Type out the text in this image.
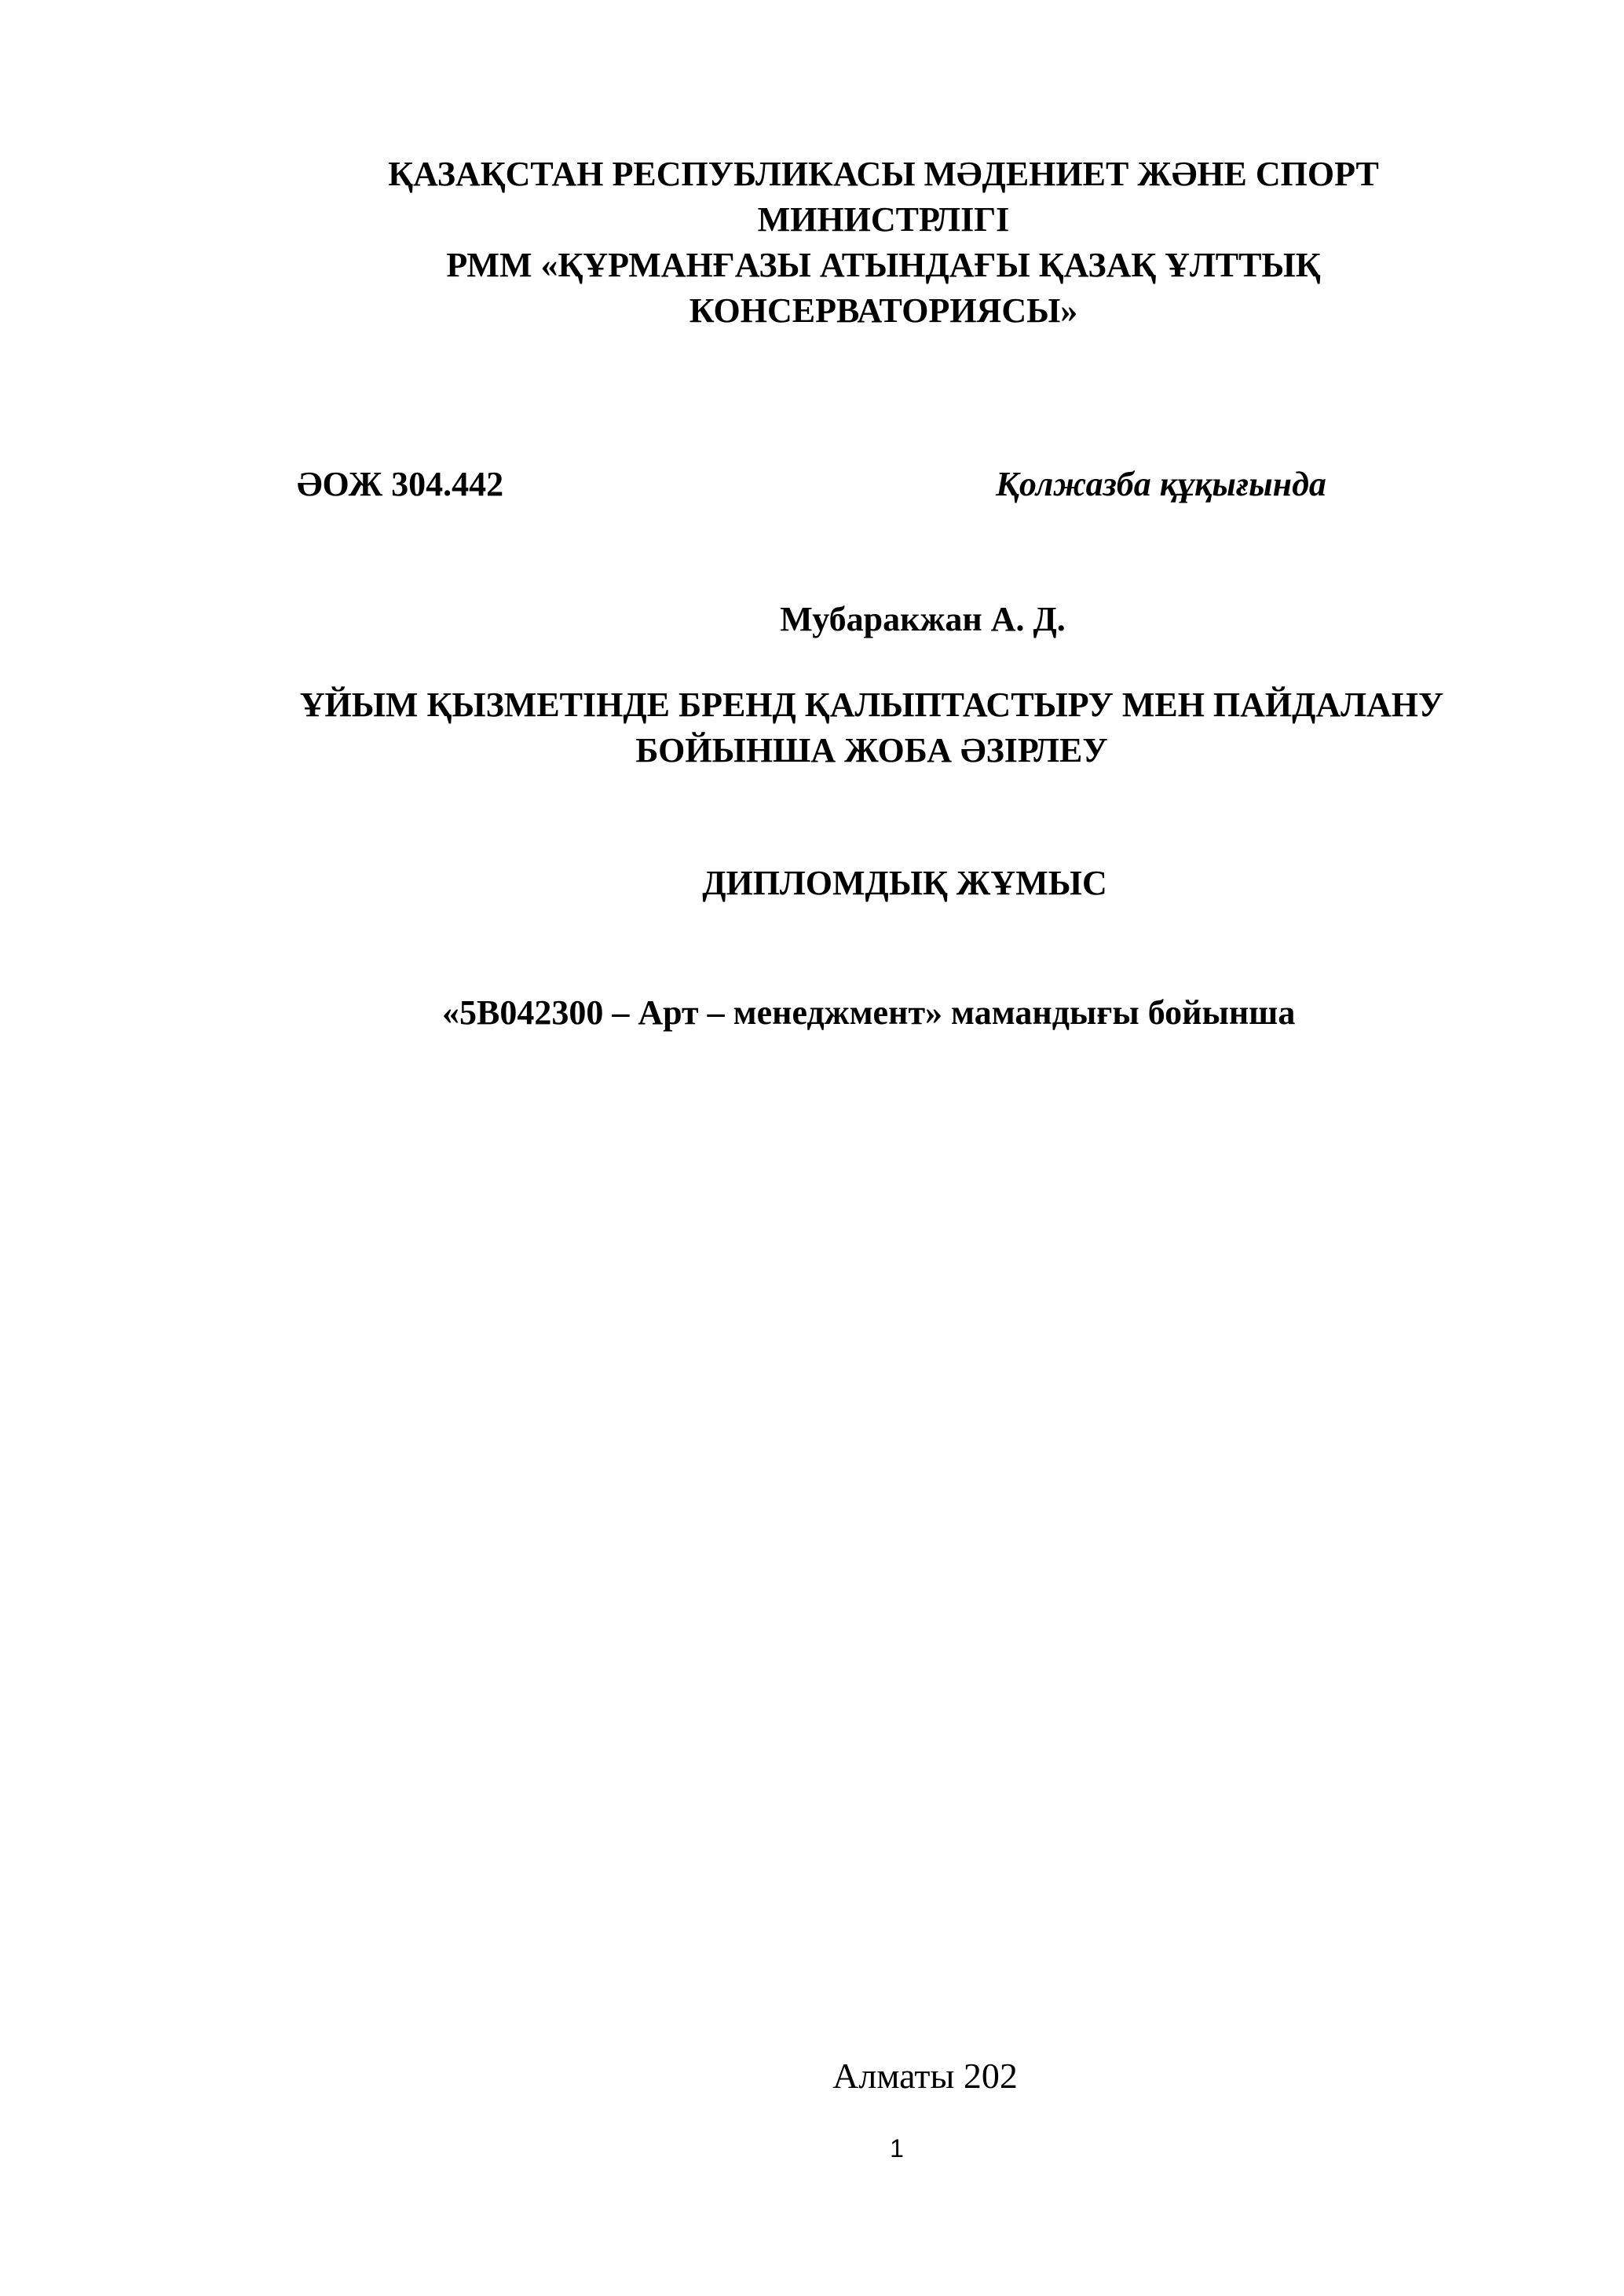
ҚАЗАҚСТАН РЕСПУБЛИКАСЫ МӘДЕНИЕТ ЖӘНЕ СПОРТ
МИНИСТРЛІГІ
РММ «ҚҰРМАНҒАЗЫ АТЫНДАҒЫ ҚАЗАҚ ҰЛТТЫҚ
КОНСЕРВАТОРИЯСЫ»
ӘОЖ 304.442	Қолжазба құқығында
Мубаракжан А. Д.
ҰЙЫМ ҚЫЗМЕТІНДЕ БРЕНД ҚАЛЫПТАСТЫРУ МЕН ПАЙДАЛАНУ
БОЙЫНША ЖОБА ӘЗІРЛЕУ
ДИПЛОМДЫҚ ЖҰМЫС
«5В042300 – Арт – менеджмент» мамандығы бойынша
Алматы 202
1
